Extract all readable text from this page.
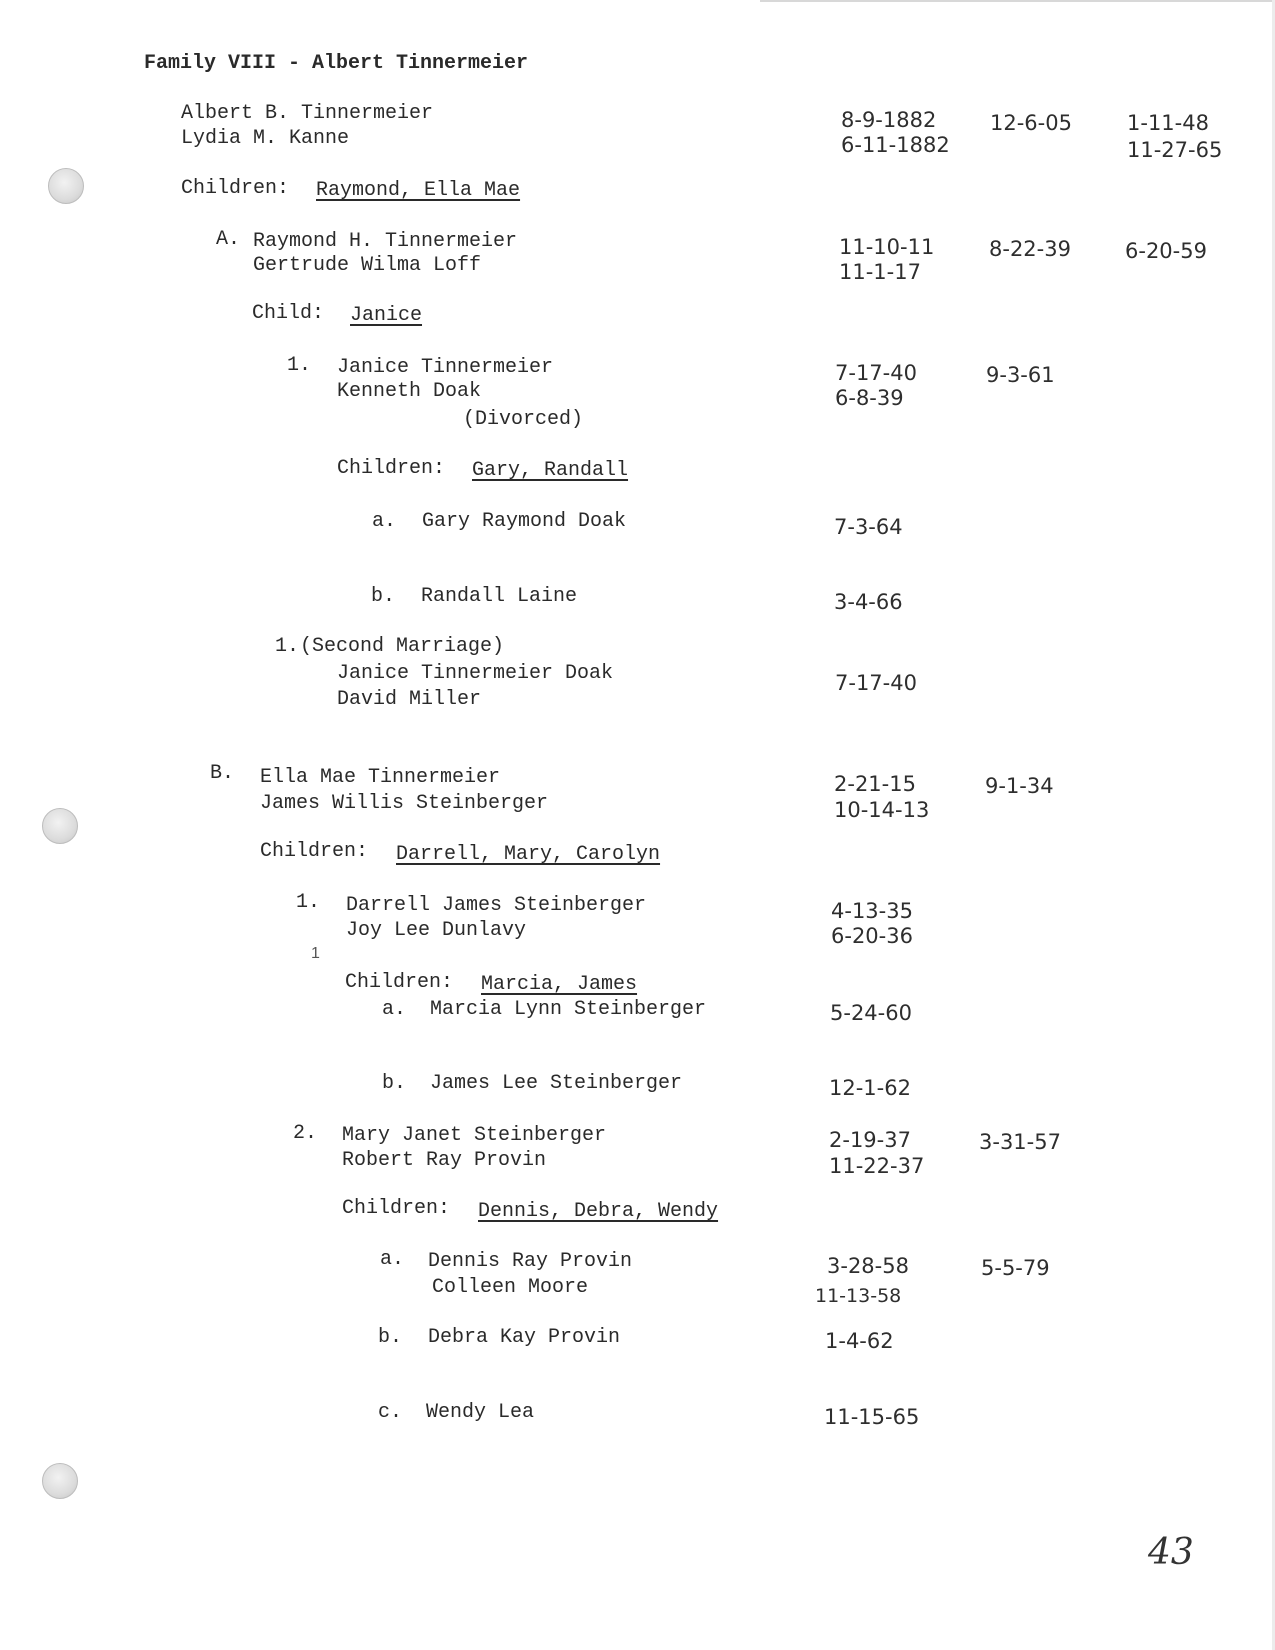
Family VIII - Albert Tinnermeier
Albert B. Tinnermeier	8-9-1882	12-6-05	1-11-48
Lydia M. Kanne	6-11-1882	11-27-65
Children: Raymond, Ella Mae
A. Raymond H. Tinnermeier	11-10-11	8-22-39	6-20-59
Gertrude Wilma Loff	11-1-17
Child: Janice
1. Janice Tinnermeier	7-17-40	9-3-61
Kenneth Doak	6-8-39
(Divorced)
Children: Gary, Randall
a. Gary Raymond Doak	7-3-64
b. Randall Laine	3-4-66
1. (Second Marriage)
Janice Tinnermeier Doak	7-17-40
David Miller
B. Ella Mae Tinnermeier	2-21-15	9-1-34
James Willis Steinberger	10-14-13
Children: Darrell, Mary, Carolyn
1. Darrell James Steinberger	4-13-35
Joy Lee Dunlavy	6-20-36
1
Children: Marcia, James
a. Marcia Lynn Steinberger	5-24-60
b. James Lee Steinberger	12-1-62
2. Mary Janet Steinberger	2-19-37	3-31-57
Robert Ray Provin	11-22-37
Children: Dennis, Debra, Wendy
a. Dennis Ray Provin	3-28-58	5-5-79
Colleen Moore	11-13-58
b. Debra Kay Provin	1-4-62
c. Wendy Lea	11-15-65
43
